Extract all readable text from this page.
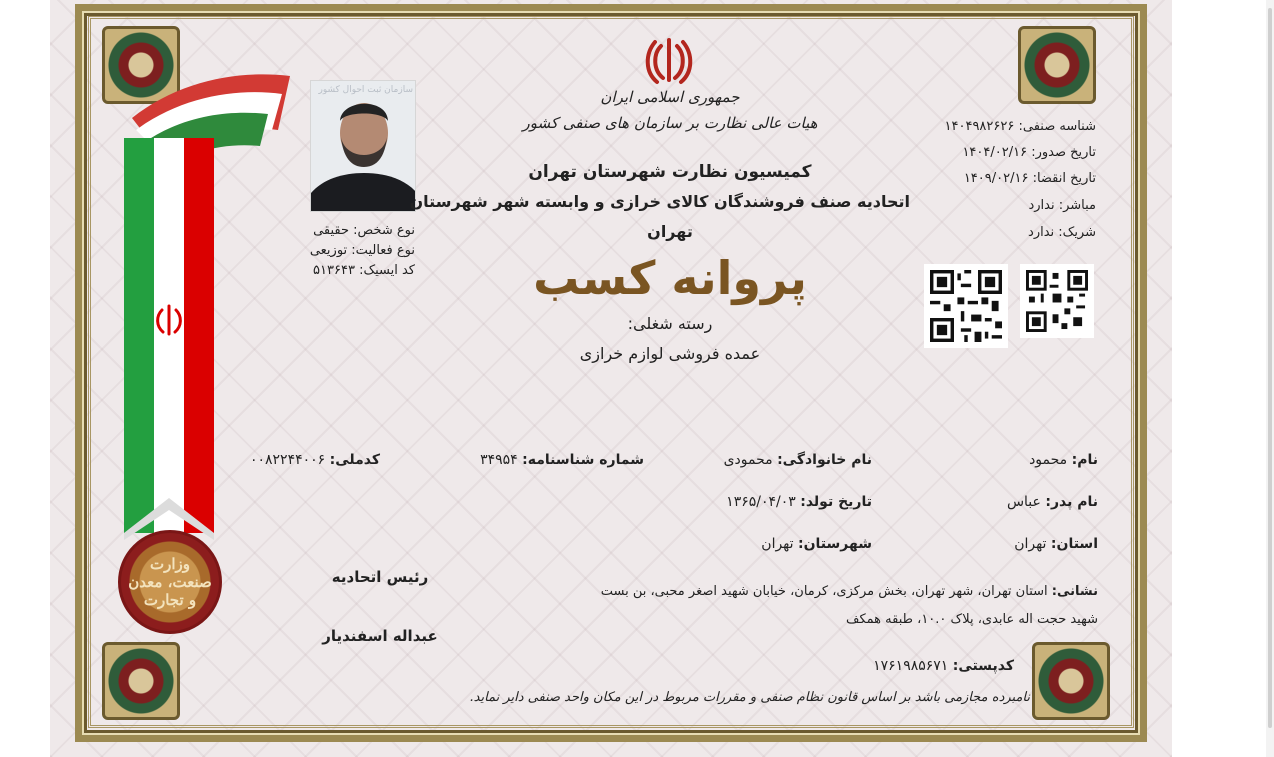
وزارت
صنعت، معدن
و تجارت
سازمان ثبت احوال کشور
نوع شخص: حقیقی
نوع فعالیت: توزیعی
کد ایسیک: ۵۱۳۶۴۳
جمهوری اسلامی ایران
هیات عالی نظارت بر سازمان های صنفی کشور
کمیسیون نظارت شهرستان تهران
اتحادیه صنف فروشندگان کالای خرازی و وابسته شهر شهرستان
تهران
پروانه کسب
رسته شغلی:
عمده فروشی لوازم خرازی
شناسه صنفی: ۱۴۰۴۹۸۲۶۲۶
تاریخ صدور: ۱۴۰۴/۰۲/۱۶
تاریخ انقضا: ۱۴۰۹/۰۲/۱۶
مباشر: ندارد
شریک: ندارد
نام: محمود
نام خانوادگی: محمودی
شماره شناسنامه: ۳۴۹۵۴
کدملی: ۰۰۸۲۲۴۴۰۰۶
نام پدر: عباس
تاریخ تولد: ۱۳۶۵/۰۴/۰۳
استان: تهران
شهرستان: تهران
رئیس اتحادیه
عبداله اسفندیار
نشانی: استان تهران، شهر تهران، بخش مرکزی، کرمان، خیابان شهید اصغر محبی، بن بست
شهید حجت اله عابدی، پلاک ۱۰.۰، طبقه همکف
کدپستی: ۱۷۶۱۹۸۵۶۷۱
نامبرده مجازمی باشد بر اساس قانون نظام صنفی و مقررات مربوط در این مکان واحد صنفی دایر نماید.
